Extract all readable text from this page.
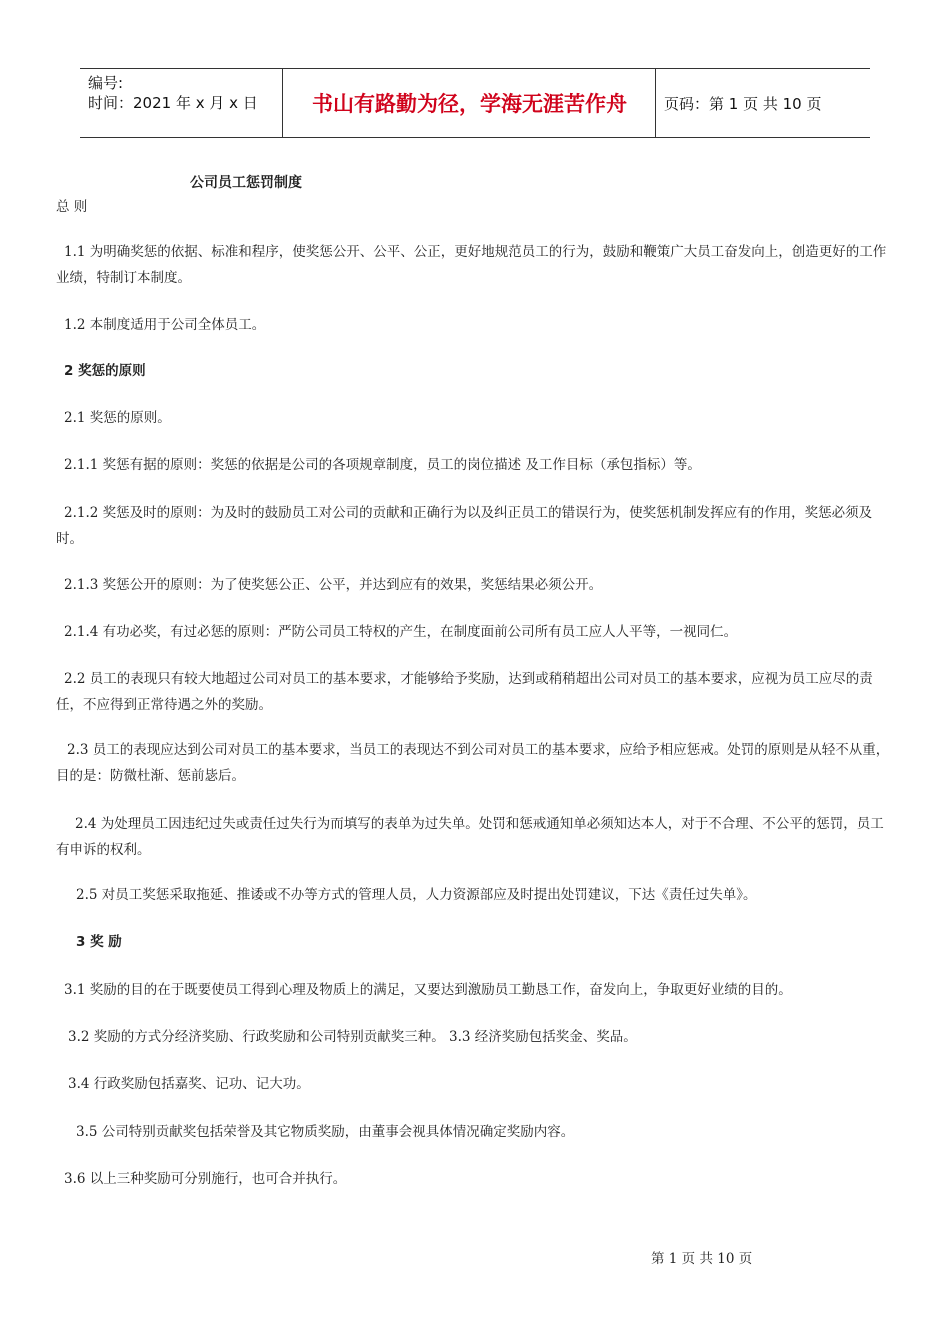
编号:
时间：2021 年 x 月 x 日	书山有路勤为径，学海无涯苦作舟	页码：第 1 页 共 10 页
公司员工惩罚制度
总 则
1.1 为明确奖惩的依据、标准和程序，使奖惩公开、公平、公正，更好地规范员工的行为，鼓励和鞭策广大员工奋发向上，创造更好的工作业绩，特制订本制度。
1.2 本制度适用于公司全体员工。
2 奖惩的原则
2.1 奖惩的原则。
2.1.1 奖惩有据的原则：奖惩的依据是公司的各项规章制度，员工的岗位描述 及工作目标（承包指标）等。
2.1.2 奖惩及时的原则：为及时的鼓励员工对公司的贡献和正确行为以及纠正员工的错误行为，使奖惩机制发挥应有的作用，奖惩必须及时。
2.1.3 奖惩公开的原则：为了使奖惩公正、公平，并达到应有的效果，奖惩结果必须公开。
2.1.4 有功必奖，有过必惩的原则：严防公司员工特权的产生，在制度面前公司所有员工应人人平等，一视同仁。
2.2 员工的表现只有较大地超过公司对员工的基本要求，才能够给予奖励，达到或稍稍超出公司对员工的基本要求，应视为员工应尽的责任，不应得到正常待遇之外的奖励。
2.3 员工的表现应达到公司对员工的基本要求，当员工的表现达不到公司对员工的基本要求，应给予相应惩戒。处罚的原则是从轻不从重，目的是：防微杜渐、惩前毖后。
2.4 为处理员工因违纪过失或责任过失行为而填写的表单为过失单。处罚和惩戒通知单必须知达本人，对于不合理、不公平的惩罚，员工有申诉的权利。
2.5 对员工奖惩采取拖延、推诿或不办等方式的管理人员，人力资源部应及时提出处罚建议，下达《责任过失单》。
3 奖 励
3.1 奖励的目的在于既要使员工得到心理及物质上的满足，又要达到激励员工勤恳工作，奋发向上，争取更好业绩的目的。
3.2 奖励的方式分经济奖励、行政奖励和公司特别贡献奖三种。 3.3 经济奖励包括奖金、奖品。
3.4 行政奖励包括嘉奖、记功、记大功。
3.5 公司特别贡献奖包括荣誉及其它物质奖励，由董事会视具体情况确定奖励内容。
3.6 以上三种奖励可分别施行，也可合并执行。
第 1 页 共 10 页
